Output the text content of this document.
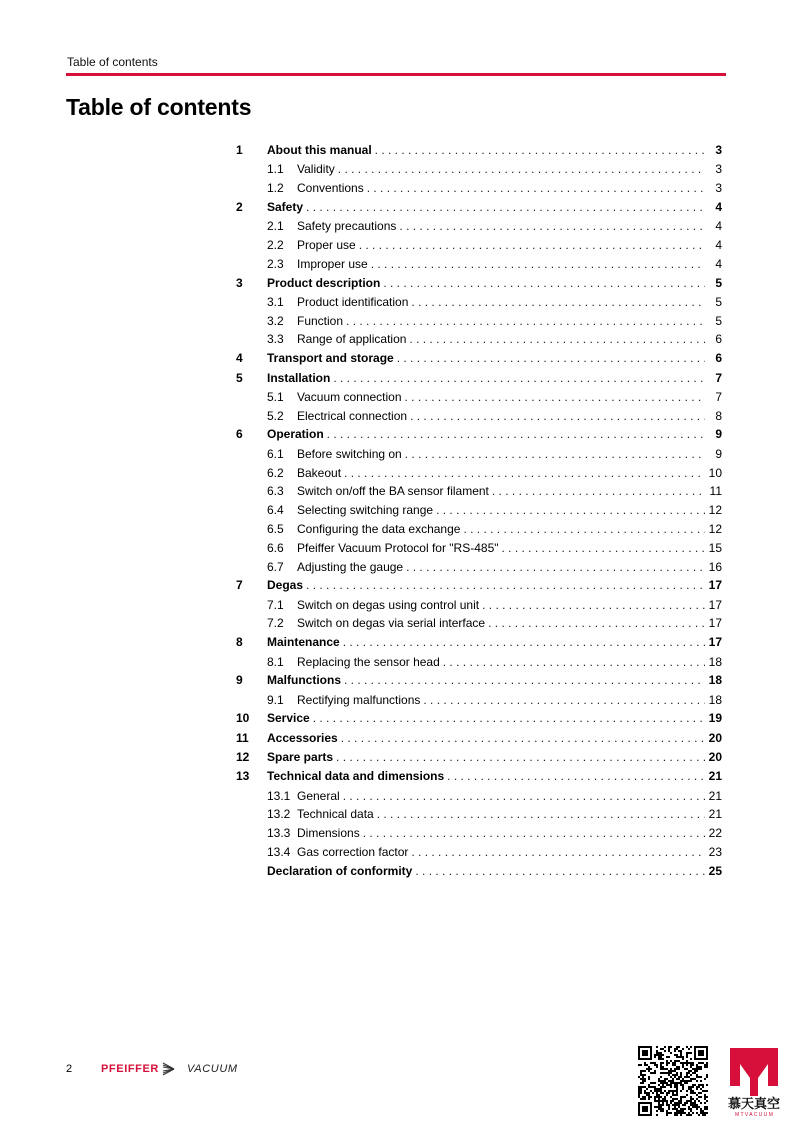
Table of contents
Table of contents
1	About this manual . . .	3
1.1	Validity . . .	3
1.2	Conventions . . .	3
2	Safety . . .	4
2.1	Safety precautions . . .	4
2.2	Proper use . . .	4
2.3	Improper use . . .	4
3	Product description . . .	5
3.1	Product identification . . .	5
3.2	Function . . .	5
3.3	Range of application . . .	6
4	Transport and storage . . .	6
5	Installation . . .	7
5.1	Vacuum connection . . .	7
5.2	Electrical connection . . .	8
6	Operation . . .	9
6.1	Before switching on . . .	9
6.2	Bakeout . . .	10
6.3	Switch on/off the BA sensor filament . . .	11
6.4	Selecting switching range . . .	12
6.5	Configuring the data exchange . . .	12
6.6	Pfeiffer Vacuum Protocol for "RS-485" . . .	15
6.7	Adjusting the gauge . . .	16
7	Degas . . .	17
7.1	Switch on degas using control unit . . .	17
7.2	Switch on degas via serial interface . . .	17
8	Maintenance . . .	17
8.1	Replacing the sensor head . . .	18
9	Malfunctions . . .	18
9.1	Rectifying malfunctions . . .	18
10	Service . . .	19
11	Accessories . . .	20
12	Spare parts . . .	20
13	Technical data and dimensions . . .	21
13.1 General . . .	21
13.2 Technical data . . .	21
13.3 Dimensions . . .	22
13.4 Gas correction factor . . .	23
Declaration of conformity . . .	25
2	PFEIFFER	VACUUM
慕天真空
M T V A C U U M
